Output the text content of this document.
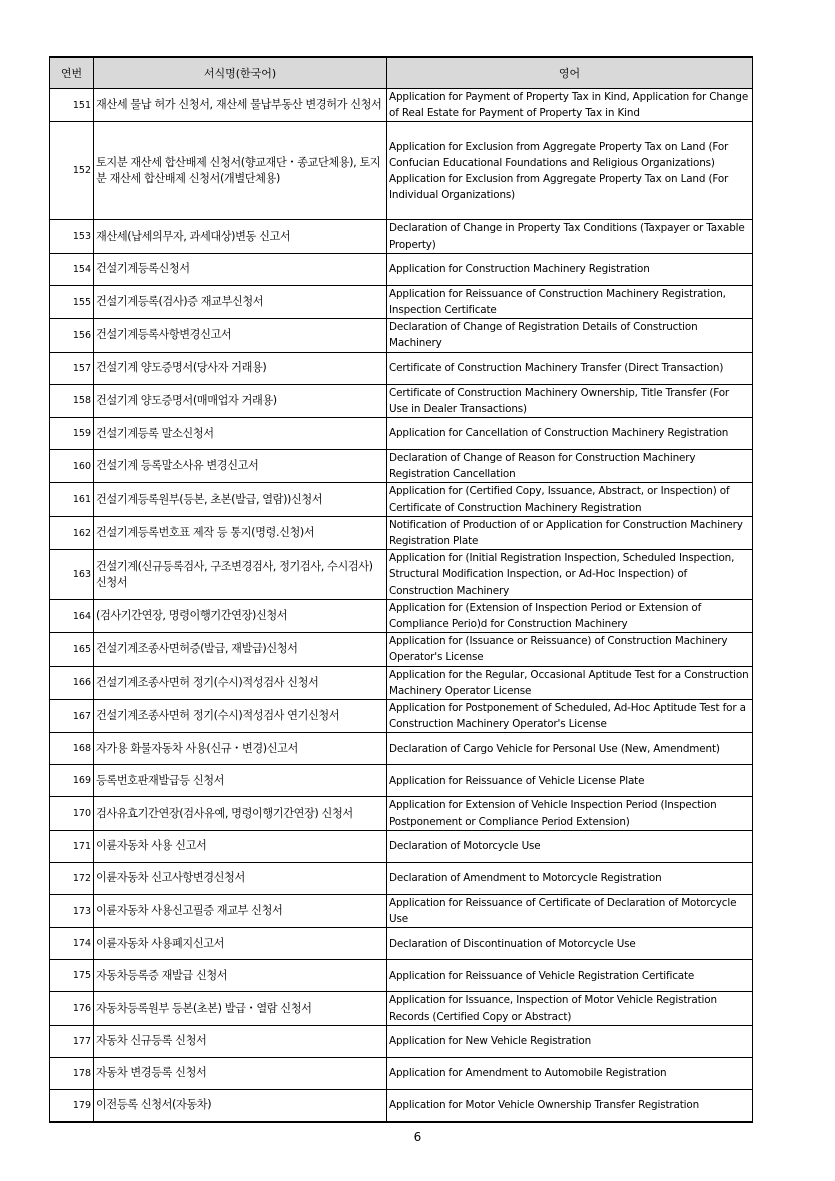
연번	서식명(한국어)	영어
151	재산세 물납 허가 신청서, 재산세 물납부동산 변경허가 신청서	Application for Payment of Property Tax in Kind, Application for Change of Real Estate for Payment of Property Tax in Kind
152	토지분 재산세 합산배제 신청서(향교재단・종교단체용), 토지분 재산세 합산배제 신청서(개별단체용)	Application for Exclusion from Aggregate Property Tax on Land (For Confucian Educational Foundations and Religious Organizations) Application for Exclusion from Aggregate Property Tax on Land (For Individual Organizations)
153	재산세(납세의무자, 과세대상)변동 신고서	Declaration of Change in Property Tax Conditions (Taxpayer or Taxable Property)
154	건설기계등록신청서	Application for Construction Machinery Registration
155	건설기계등록(검사)증 재교부신청서	Application for Reissuance of Construction Machinery Registration, Inspection Certificate
156	건설기계등록사항변경신고서	Declaration of Change of Registration Details of Construction Machinery
157	건설기계 양도증명서(당사자 거래용)	Certificate of Construction Machinery Transfer (Direct Transaction)
158	건설기계 양도증명서(매매업자 거래용)	Certificate of Construction Machinery Ownership, Title Transfer (For Use in Dealer Transactions)
159	건설기계등록 말소신청서	Application for Cancellation of Construction Machinery Registration
160	건설기계 등록말소사유 변경신고서	Declaration of Change of Reason for Construction Machinery Registration Cancellation
161	건설기계등록원부(등본, 초본(발급, 열람))신청서	Application for (Certified Copy, Issuance, Abstract, or Inspection) of Certificate of Construction Machinery Registration
162	건설기계등록번호표 제작 등 통지(명령.신청)서	Notification of Production of or Application for Construction Machinery Registration Plate
163	건설기계(신규등록검사, 구조변경검사, 정기검사, 수시검사) 신청서	Application for (Initial Registration Inspection, Scheduled Inspection, Structural Modification Inspection, or Ad-Hoc Inspection) of Construction Machinery
164	(검사기간연장, 명령이행기간연장)신청서	Application for (Extension of Inspection Period or Extension of Compliance Perio)d for Construction Machinery
165	건설기계조종사면허증(발급, 재발급)신청서	Application for (Issuance or Reissuance) of Construction Machinery Operator's License
166	건설기계조종사면허 정기(수시)적성검사 신청서	Application for the Regular, Occasional Aptitude Test for a Construction Machinery Operator License
167	건설기계조종사면허 정기(수시)적성검사 연기신청서	Application for Postponement of Scheduled, Ad-Hoc Aptitude Test for a Construction Machinery Operator's License
168	자가용 화물자동차 사용(신규・변경)신고서	Declaration of Cargo Vehicle for Personal Use (New, Amendment)
169	등록번호판재발급등 신청서	Application for Reissuance of Vehicle License Plate
170	검사유효기간연장(검사유예, 명령이행기간연장) 신청서	Application for Extension of Vehicle Inspection Period (Inspection Postponement or Compliance Period Extension)
171	이륜자동차 사용 신고서	Declaration of Motorcycle Use
172	이륜자동차 신고사항변경신청서	Declaration of Amendment to Motorcycle Registration
173	이륜자동차 사용신고필증 재교부 신청서	Application for Reissuance of Certificate of Declaration of Motorcycle Use
174	이륜자동차 사용폐지신고서	Declaration of Discontinuation of Motorcycle Use
175	자동차등록증 재발급 신청서	Application for Reissuance of Vehicle Registration Certificate
176	자동차등록원부 등본(초본) 발급・열람 신청서	Application for Issuance, Inspection of Motor Vehicle Registration Records (Certified Copy or Abstract)
177	자동차 신규등록 신청서	Application for New Vehicle Registration
178	자동차 변경등록 신청서	Application for Amendment to Automobile Registration
179	이전등록 신청서(자동차)	Application for Motor Vehicle Ownership Transfer Registration
6
